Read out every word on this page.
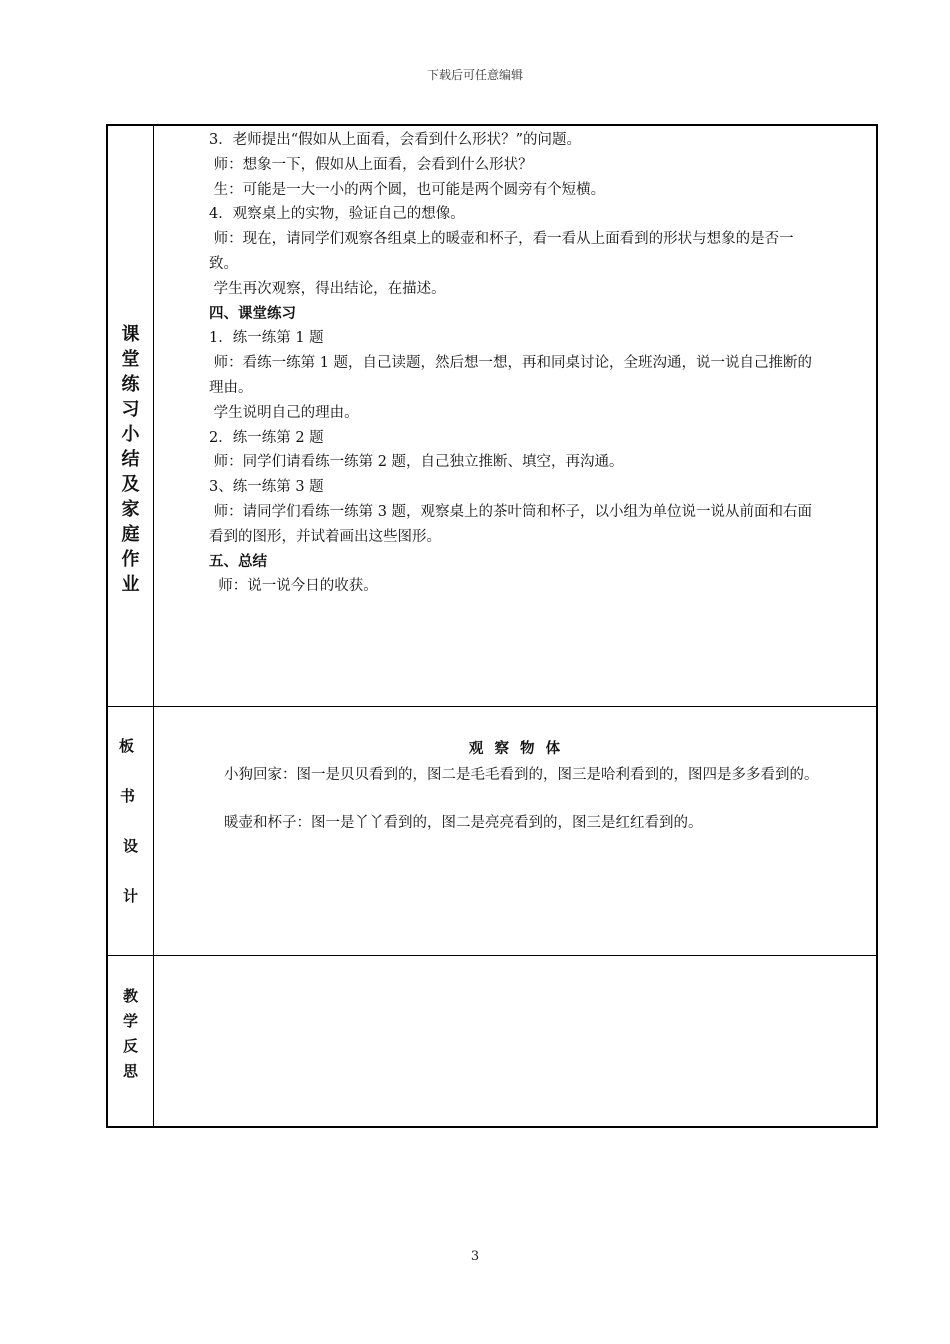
下载后可任意编辑

3．老师提出“假如从上面看，会看到什么形状？”的问题。

师：想象一下，假如从上面看，会看到什么形状？

生：可能是一大一小的两个圆，也可能是两个圆旁有个短横。

4．观察桌上的实物，验证自己的想像。

师：现在，请同学们观察各组桌上的暖壶和杯子，看一看从上面看到的形状与想象的是否一

致。

学生再次观察，得出结论，在描述。

四、课堂练习

1．练一练第 1 题

师：看练一练第 1 题，自己读题，然后想一想，再和同桌讨论，全班沟通，说一说自己推断的

理由。

学生说明自己的理由。

2．练一练第 2 题

师：同学们请看练一练第 2 题，自己独立推断、填空，再沟通。

3、练一练第 3 题

师：请同学们看练一练第 3 题，观察桌上的茶叶筒和杯子，以小组为单位说一说从前面和右面

看到的图形，并试着画出这些图形。

五、总结

师：说一说今日的收获。

观 察 物 体
小狗回家：图一是贝贝看到的，图二是毛毛看到的，图三是哈利看到的，图四是多多看到的。
暖壶和杯子：图一是丫丫看到的，图二是亮亮看到的，图三是红红看到的。
课
堂
练
习
小
结
及
家
庭
作
业
板
书
设
计
教
学
反
思
3
